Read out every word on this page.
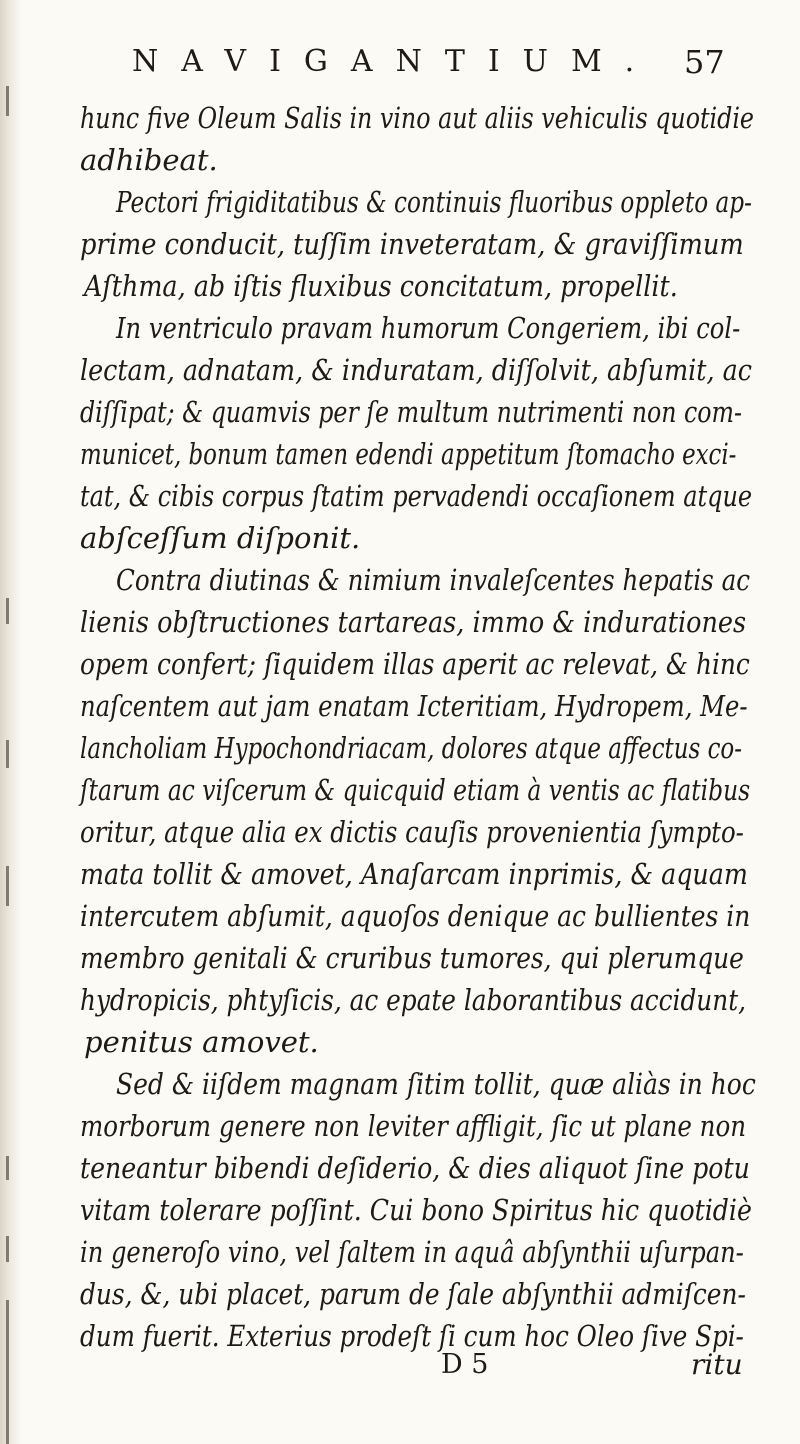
NAVIGANTIUM. 57
hunc five Oleum Salis in vino aut aliis vehiculis quotidie
adhibeat.
Pectori frigiditatibus & continuis fluoribus oppleto ap-
prime conducit, tuſſim inveteratam, & graviſſimum
Aſthma, ab iſtis fluxibus concitatum, propellit.
In ventriculo pravam humorum Congeriem, ibi col-
lectam, adnatam, & induratam, diſſolvit, abſumit, ac
diſſipat; & quamvis per ſe multum nutrimenti non com-
municet, bonum tamen edendi appetitum ſtomacho exci-
tat, & cibis corpus ſtatim pervadendi occaſionem atque
abſceſſum diſponit.
Contra diutinas & nimium invaleſcentes hepatis ac
lienis obſtructiones tartareas, immo & indurationes
opem confert; ſiquidem illas aperit ac relevat, & hinc
naſcentem aut jam enatam Icteritiam, Hydropem, Me-
lancholiam Hypochondriacam, dolores atque affectus co-
ſtarum ac viſcerum & quicquid etiam à ventis ac flatibus
oritur, atque alia ex dictis cauſis provenientia ſympto-
mata tollit & amovet, Anaſarcam inprimis, & aquam
intercutem abſumit, aquoſos denique ac bullientes in
membro genitali & cruribus tumores, qui plerumque
hydropicis, phtyſicis, ac epate laborantibus accidunt,
penitus amovet.
Sed & iiſdem magnam ſitim tollit, quæ aliàs in hoc
morborum genere non leviter affligit, ſic ut plane non
teneantur bibendi deſiderio, & dies aliquot ſine potu
vitam tolerare poſſint. Cui bono Spiritus hic quotidiè
in generoſo vino, vel ſaltem in aquâ abſynthii uſurpan-
dus, &, ubi placet, parum de ſale abſynthii admiſcen-
dum fuerit. Exterius prodeſt ſi cum hoc Oleo ſive Spi-
D 5	ritu
